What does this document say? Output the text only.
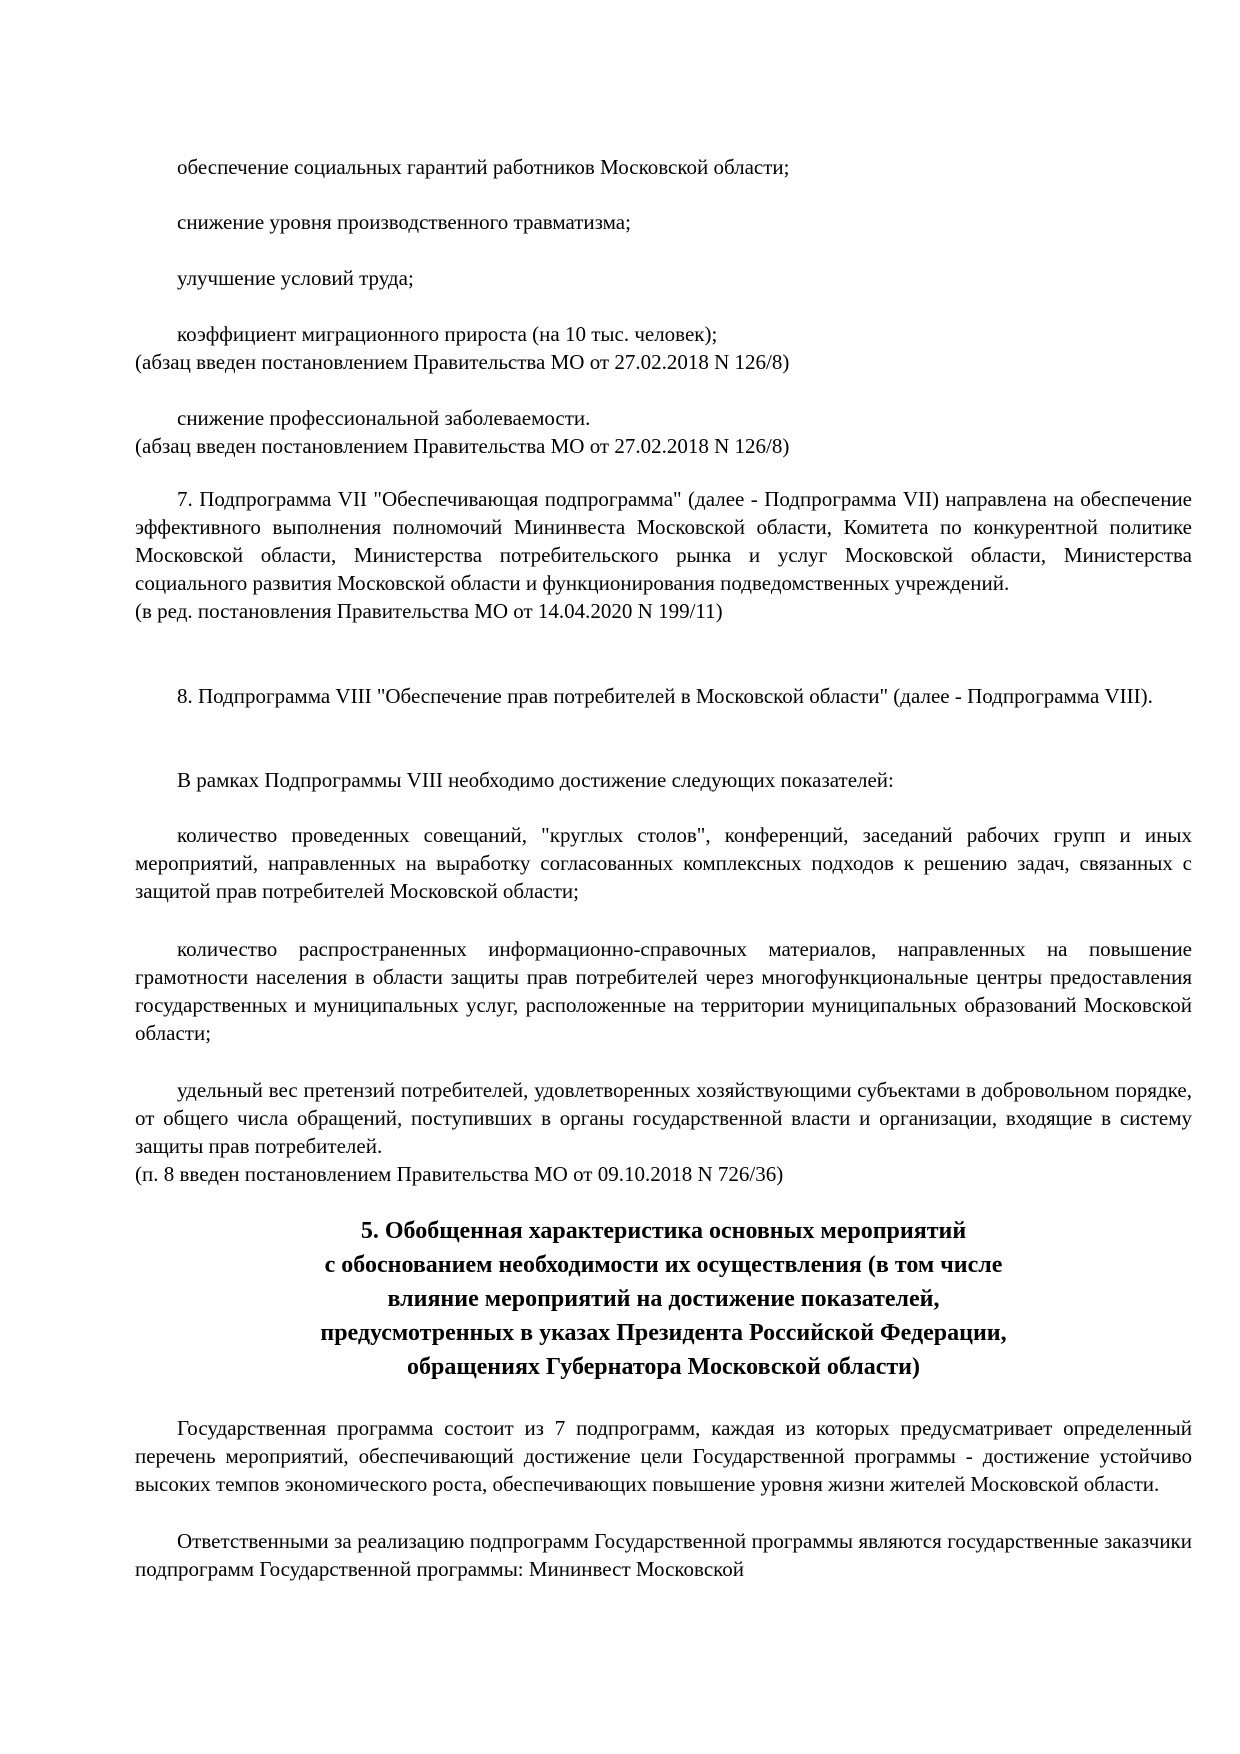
обеспечение социальных гарантий работников Московской области;

снижение уровня производственного травматизма;

улучшение условий труда;

коэффициент миграционного прироста (на 10 тыс. человек);
(абзац введен постановлением Правительства МО от 27.02.2018 N 126/8)

снижение профессиональной заболеваемости.
(абзац введен постановлением Правительства МО от 27.02.2018 N 126/8)

7. Подпрограмма VII "Обеспечивающая подпрограмма" (далее - Подпрограмма VII) направлена на обеспечение эффективного выполнения полномочий Мининвеста Московской области, Комитета по конкурентной политике Московской области, Министерства потребительского рынка и услуг Московской области, Министерства социального развития Московской области и функционирования подведомственных учреждений.
(в ред. постановления Правительства МО от 14.04.2020 N 199/11)

8. Подпрограмма VIII "Обеспечение прав потребителей в Московской области" (далее - Подпрограмма VIII).

В рамках Подпрограммы VIII необходимо достижение следующих показателей:

количество проведенных совещаний, "круглых столов", конференций, заседаний рабочих групп и иных мероприятий, направленных на выработку согласованных комплексных подходов к решению задач, связанных с защитой прав потребителей Московской области;

количество распространенных информационно-справочных материалов, направленных на повышение грамотности населения в области защиты прав потребителей через многофункциональные центры предоставления государственных и муниципальных услуг, расположенные на территории муниципальных образований Московской области;

удельный вес претензий потребителей, удовлетворенных хозяйствующими субъектами в добровольном порядке, от общего числа обращений, поступивших в органы государственной власти и организации, входящие в систему защиты прав потребителей.
(п. 8 введен постановлением Правительства МО от 09.10.2018 N 726/36)

5. Обобщенная характеристика основных мероприятий
с обоснованием необходимости их осуществления (в том числе
влияние мероприятий на достижение показателей,
предусмотренных в указах Президента Российской Федерации,
обращениях Губернатора Московской области)

Государственная программа состоит из 7 подпрограмм, каждая из которых предусматривает определенный перечень мероприятий, обеспечивающий достижение цели Государственной программы - достижение устойчиво высоких темпов экономического роста, обеспечивающих повышение уровня жизни жителей Московской области.

Ответственными за реализацию подпрограмм Государственной программы являются государственные заказчики подпрограмм Государственной программы: Мининвест Московской
